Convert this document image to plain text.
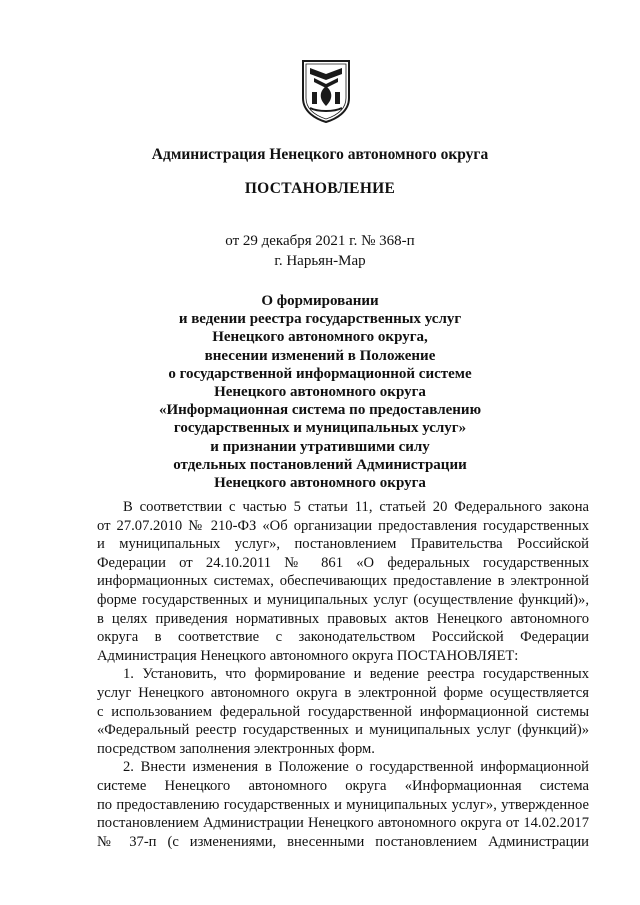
Администрация Ненецкого автономного округа
ПОСТАНОВЛЕНИЕ
от 29 декабря 2021 г. № 368-п
г. Нарьян-Мар
О формировании
и ведении реестра государственных услуг
Ненецкого автономного округа,
внесении изменений в Положение
о государственной информационной системе
Ненецкого автономного округа
«Информационная система по предоставлению
государственных и муниципальных услуг»
и признании утратившими силу
отдельных постановлений Администрации
Ненецкого автономного округа
В соответствии с частью 5 статьи 11, статьей 20 Федерального закона
от 27.07.2010 № 210-ФЗ «Об организации предоставления государственных
и муниципальных услуг», постановлением Правительства Российской
Федерации от 24.10.2011 № 861 «О федеральных государственных
информационных системах, обеспечивающих предоставление в электронной
форме государственных и муниципальных услуг (осуществление функций)»,
в целях приведения нормативных правовых актов Ненецкого автономного
округа в соответствие с законодательством Российской Федерации
Администрация Ненецкого автономного округа ПОСТАНОВЛЯЕТ:
1. Установить, что формирование и ведение реестра государственных
услуг Ненецкого автономного округа в электронной форме осуществляется
с использованием федеральной государственной информационной системы
«Федеральный реестр государственных и муниципальных услуг (функций)»
посредством заполнения электронных форм.
2. Внести изменения в Положение о государственной информационной
системе Ненецкого автономного округа «Информационная система
по предоставлению государственных и муниципальных услуг», утвержденное
постановлением Администрации Ненецкого автономного округа от 14.02.2017
№ 37-п (с изменениями, внесенными постановлением Администрации
